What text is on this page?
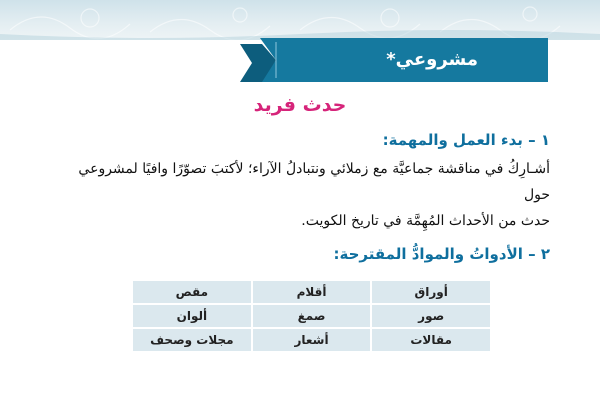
مشروعي*
حدث فريد
١ – بدء العمل والمهمة:
أشـارِكُ في مناقشة جماعيَّة مع زملائي ونتبادلُ الآراء؛ لأكتبَ تصوّرًا وافيًا لمشروعي حول
حدث من الأحداث المُهِمَّة في تاريخ الكويت.
٢ – الأدواتُ والموادُّ المقترحة:
أوراق	أقلام	مقص
صور	صمغ	ألوان
مقالات	أشعار	مجلات وصحف
